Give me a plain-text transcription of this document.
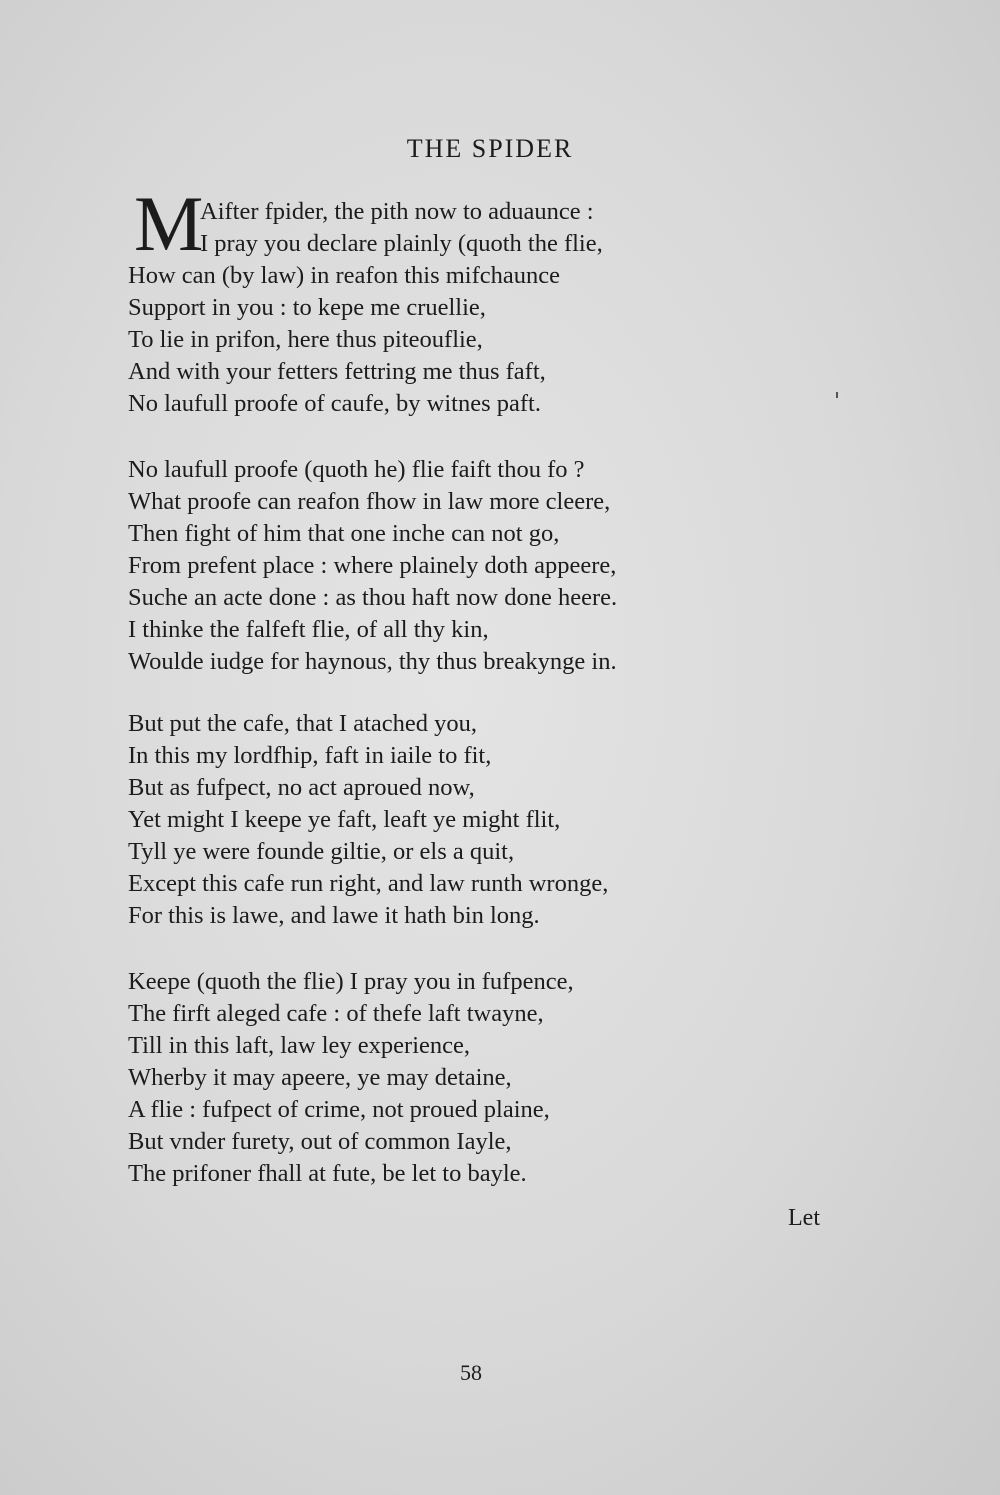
THE SPIDER
M
Aifter fpider, the pith now to aduaunce :
I pray you declare plainly (quoth the flie,
How can (by law) in reafon this mifchaunce
Support in you : to kepe me cruellie,
To lie in prifon, here thus piteouflie,
And with your fetters fettring me thus faft,
No laufull proofe of caufe, by witnes paft.
No laufull proofe (quoth he) flie faift thou fo ?
What proofe can reafon fhow in law more cleere,
Then fight of him that one inche can not go,
From prefent place : where plainely doth appeere,
Suche an acte done : as thou haft now done heere.
I thinke the falfeft flie, of all thy kin,
Woulde iudge for haynous, thy thus breakynge in.
But put the cafe, that I atached you,
In this my lordfhip, faft in iaile to fit,
But as fufpect, no act aproued now,
Yet might I keepe ye faft, leaft ye might flit,
Tyll ye were founde giltie, or els a quit,
Except this cafe run right, and law runth wronge,
For this is lawe, and lawe it hath bin long.
Keepe (quoth the flie) I pray you in fufpence,
The firft aleged cafe : of thefe laft twayne,
Till in this laft, law ley experience,
Wherby it may apeere, ye may detaine,
A flie : fufpect of crime, not proued plaine,
But vnder furety, out of common Iayle,
The prifoner fhall at fute, be let to bayle.
Let
58
